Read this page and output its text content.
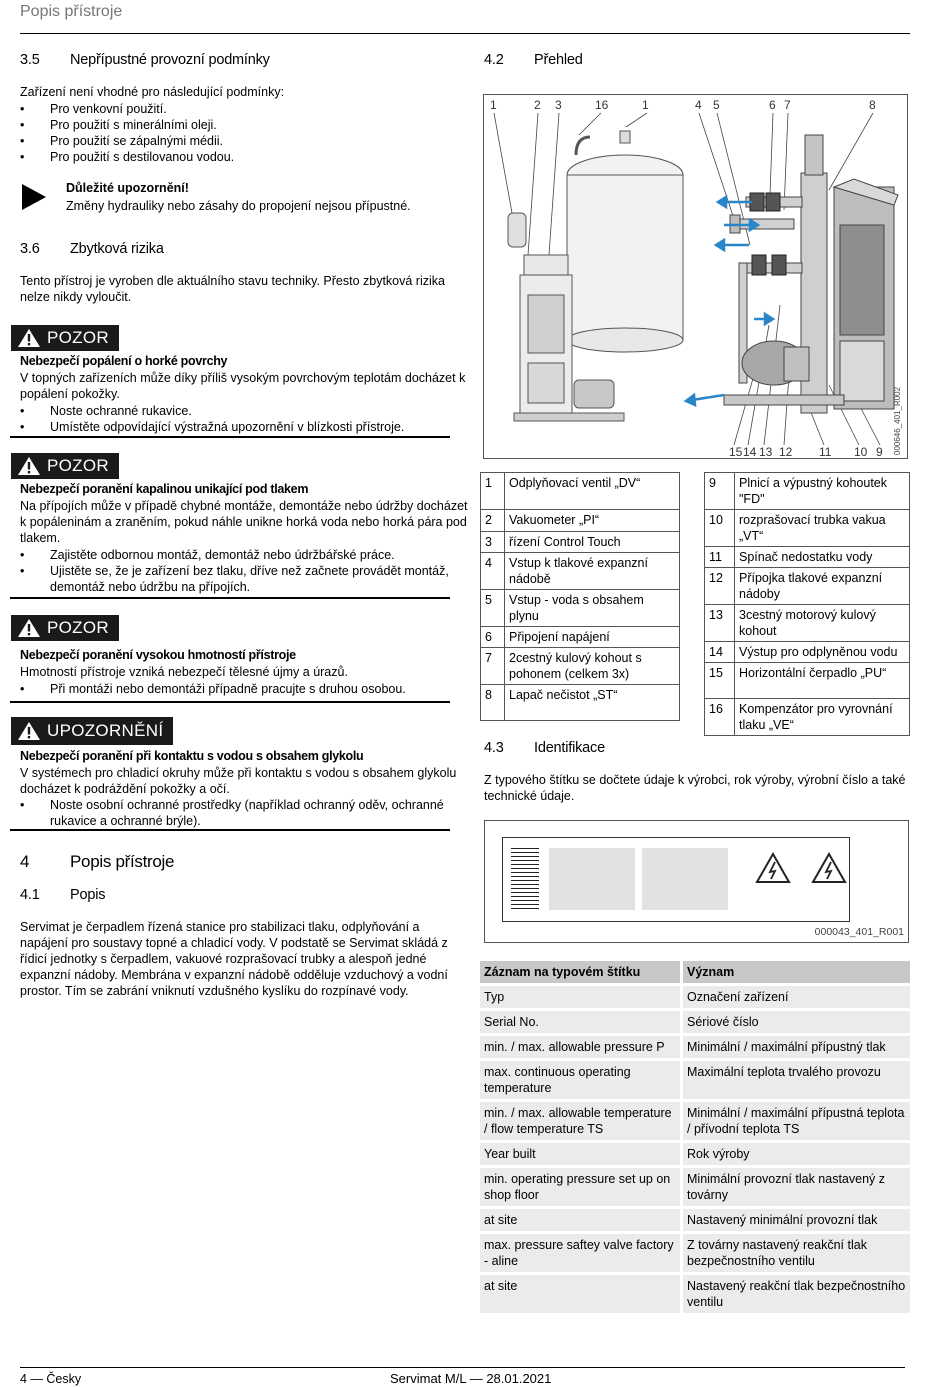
Popis přístroje
3.5 Nepřípustné provozní podmínky

Zařízení není vhodné pro následující podmínky:

• Pro venkovní použití.
• Pro použití s minerálními oleji.
• Pro použití se zápalnými médii.
• Pro použití s destilovanou vodou.

Důležité upozornění!

Změny hydrauliky nebo zásahy do propojení nejsou přípustné.

3.6 Zbytková rizika

Tento přístroj je vyroben dle aktuálního stavu techniky. Přesto zbytková rizika

nelze nikdy vyloučit.

POZOR

Nebezpečí popálení o horké povrchy

V topných zařízeních může díky příliš vysokým povrchovým teplotám docházet k

popálení pokožky.

• Noste ochranné rukavice.
• Umístěte odpovídající výstražná upozornění v blízkosti přístroje.
POZOR

Nebezpečí poranění kapalinou unikající pod tlakem

Na přípojích může v případě chybné montáže, demontáže nebo údržby docházet

k popáleninám a zraněním, pokud náhle unikne horká voda nebo horká pára pod

tlakem.

• Zajistěte odbornou montáž, demontáž nebo údržbářské práce.
• Ujistěte se, že je zařízení bez tlaku, dříve než začnete provádět montáž,
demontáž nebo údržbu na přípojích.
POZOR

Nebezpečí poranění vysokou hmotností přístroje

Hmotností přístroje vzniká nebezpečí tělesné újmy a úrazů.

• Při montáži nebo demontáži případně pracujte s druhou osobou.
UPOZORNĚNÍ

Nebezpečí poranění při kontaktu s vodou s obsahem glykolu

V systémech pro chladicí okruhy může při kontaktu s vodou s obsahem glykolu

docházet k podráždění pokožky a očí.

• Noste osobní ochranné prostředky (například ochranný oděv, ochranné
rukavice a ochranné brýle).
4 Popis přístroje
4.1 Popis

Servimat je čerpadlem řízená stanice pro stabilizaci tlaku, odplyňování a

napájení pro soustavy topné a chladicí vody. V podstatě se Servimat skládá z

řídicí jednotky s čerpadlem, vakuové rozprašovací trubky a alespoň jedné

expanzní nádoby. Membrána v expanzní nádobě odděluje vzduchový a vodní

prostor. Tím se zabrání vniknutí vzdušného kyslíku do rozpínavé vody.

4.2 Přehled
1	2 3	16	1	4 5	6 7	8
15 14 13 12 11 10 9 000646_401_R002
1	Odplyňovací ventil „DV“
2	Vakuometer „PI“
3	řízení Control Touch
4	Vstup k tlakové expanzní nádobě
5	Vstup - voda s obsahem plynu
6	Připojení napájení
7	2cestný kulový kohout s pohonem (celkem 3x)
8	Lapač nečistot „ST“
9	Plnicí a výpustný kohoutek "FD"
10	rozprašovací trubka vakua „VT“
11	Spínač nedostatku vody
12	Přípojka tlakové expanzní nádoby
13	3cestný motorový kulový kohout
14	Výstup pro odplyněnou vodu
15	Horizontální čerpadlo „PU“
16	Kompenzátor pro vyrovnání tlaku „VE“
4.3 Identifikace

Z typového štítku se dočtete údaje k výrobci, rok výroby, výrobní číslo a také

technické údaje.

000043_401_R001
Záznam na typovém štítku		Význam
Typ		Označení zařízení
Serial No.		Sériové číslo
min. / max. allowable pressure P		Minimální / maximální přípustný tlak
max. continuous operating temperature		Maximální teplota trvalého provozu
min. / max. allowable temperature / flow temperature TS		Minimální / maximální přípustná teplota / přívodní teplota TS
Year built		Rok výroby
min. operating pressure set up on shop floor		Minimální provozní tlak nastavený z továrny
at site		Nastavený minimální provozní tlak
max. pressure saftey valve factory - aline		Z továrny nastavený reakční tlak bezpečnostního ventilu
at site		Nastavený reakční tlak bezpečnostního ventilu
4 — Česky	Servimat M/L — 28.01.2021
